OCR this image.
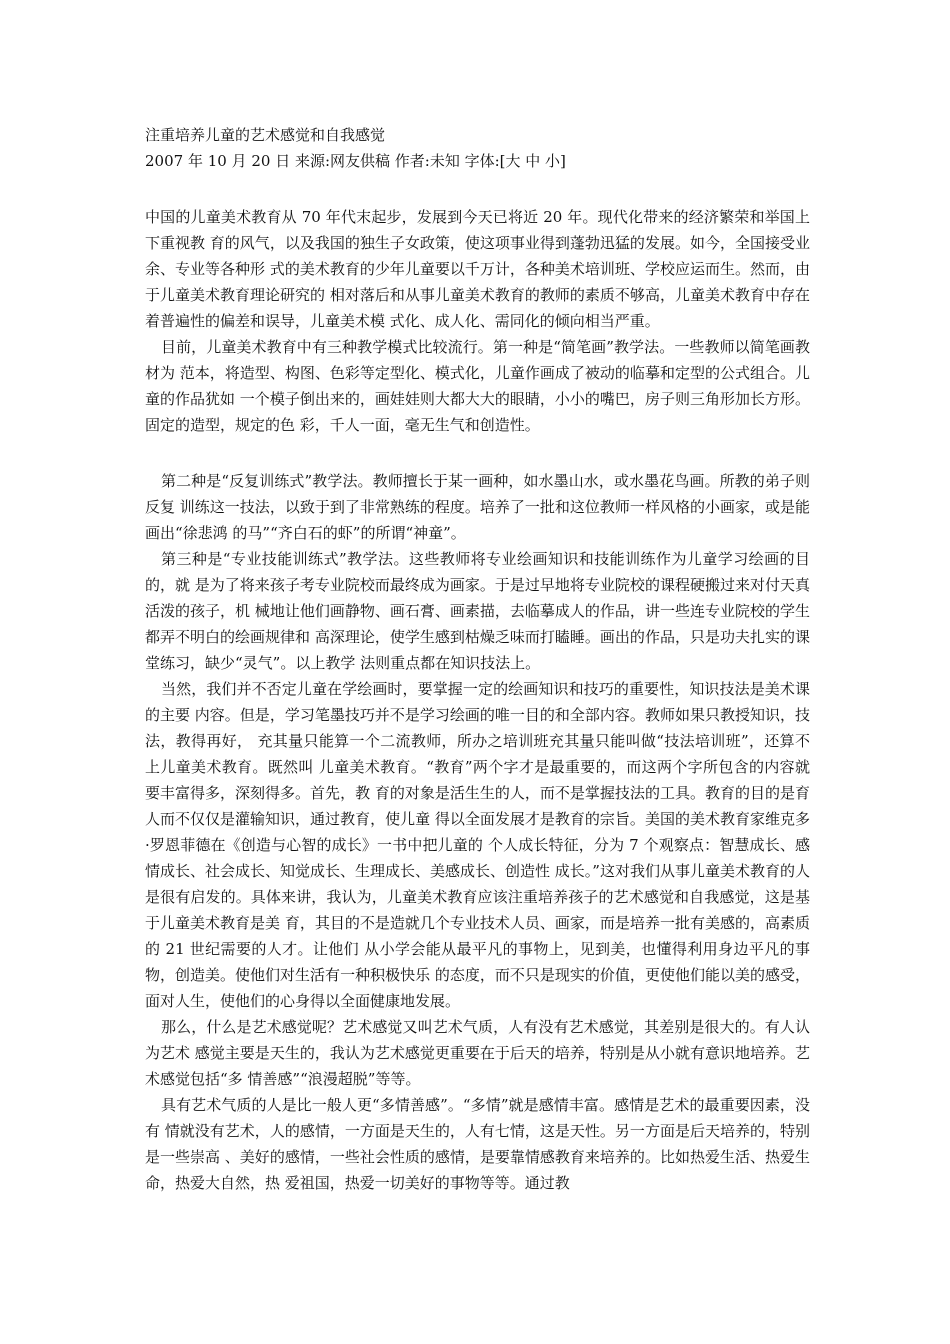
注重培养儿童的艺术感觉和自我感觉
2007 年 10 月 20 日 来源:网友供稿 作者:未知 字体:[大 中 小]

中国的儿童美术教育从 70 年代末起步，发展到今天已将近 20 年。现代化带来的经济繁荣和举国上下重视教 育的风气，以及我国的独生子女政策，使这项事业得到蓬勃迅猛的发展。如今，全国接受业余、专业等各种形 式的美术教育的少年儿童要以千万计，各种美术培训班、学校应运而生。然而，由于儿童美术教育理论研究的 相对落后和从事儿童美术教育的教师的素质不够高，儿童美术教育中存在着普遍性的偏差和误导，儿童美术模 式化、成人化、需同化的倾向相当严重。

目前，儿童美术教育中有三种教学模式比较流行。第一种是“简笔画”教学法。一些教师以简笔画教材为 范本，将造型、构图、色彩等定型化、模式化，儿童作画成了被动的临摹和定型的公式组合。儿童的作品犹如 一个模子倒出来的，画娃娃则大都大大的眼睛，小小的嘴巴，房子则三角形加长方形。固定的造型，规定的色 彩，千人一面，毫无生气和创造性。

第二种是“反复训练式”教学法。教师擅长于某一画种，如水墨山水，或水墨花鸟画。所教的弟子则反复 训练这一技法，以致于到了非常熟练的程度。培养了一批和这位教师一样风格的小画家，或是能画出“徐悲鸿 的马”“齐白石的虾”的所谓“神童”。

第三种是“专业技能训练式”教学法。这些教师将专业绘画知识和技能训练作为儿童学习绘画的目的，就 是为了将来孩子考专业院校而最终成为画家。于是过早地将专业院校的课程硬搬过来对付天真活泼的孩子，机 械地让他们画静物、画石膏、画素描，去临摹成人的作品，讲一些连专业院校的学生都弄不明白的绘画规律和 高深理论，使学生感到枯燥乏味而打瞌睡。画出的作品，只是功夫扎实的课堂练习，缺少“灵气”。以上教学 法则重点都在知识技法上。

当然，我们并不否定儿童在学绘画时，要掌握一定的绘画知识和技巧的重要性，知识技法是美术课的主要 内容。但是，学习笔墨技巧并不是学习绘画的唯一目的和全部内容。教师如果只教授知识，技法，教得再好， 充其量只能算一个二流教师，所办之培训班充其量只能叫做“技法培训班”，还算不上儿童美术教育。既然叫 儿童美术教育。“教育”两个字才是最重要的，而这两个字所包含的内容就要丰富得多，深刻得多。首先，教 育的对象是活生生的人，而不是掌握技法的工具。教育的目的是育人而不仅仅是灌输知识，通过教育，使儿童 得以全面发展才是教育的宗旨。美国的美术教育家维克多·罗恩菲德在《创造与心智的成长》一书中把儿童的 个人成长特征，分为 7 个观察点：智慧成长、感情成长、社会成长、知觉成长、生理成长、美感成长、创造性 成长。”这对我们从事儿童美术教育的人是很有启发的。具体来讲，我认为，儿童美术教育应该注重培养孩子的艺术感觉和自我感觉，这是基于儿童美术教育是美 育，其目的不是造就几个专业技术人员、画家，而是培养一批有美感的，高素质的 21 世纪需要的人才。让他们 从小学会能从最平凡的事物上，见到美，也懂得利用身边平凡的事物，创造美。使他们对生活有一种积极快乐 的态度，而不只是现实的价值，更使他们能以美的感受，面对人生，使他们的心身得以全面健康地发展。

那么，什么是艺术感觉呢？艺术感觉又叫艺术气质，人有没有艺术感觉，其差别是很大的。有人认为艺术 感觉主要是天生的，我认为艺术感觉更重要在于后天的培养，特别是从小就有意识地培养。艺术感觉包括“多 情善感”“浪漫超脱”等等。

具有艺术气质的人是比一般人更“多情善感”。“多情”就是感情丰富。感情是艺术的最重要因素，没有 情就没有艺术，人的感情，一方面是天生的，人有七情，这是天性。另一方面是后天培养的，特别是一些崇高 、美好的感情，一些社会性质的感情，是要靠情感教育来培养的。比如热爱生活、热爱生命，热爱大自然，热 爱祖国，热爱一切美好的事物等等。通过教
